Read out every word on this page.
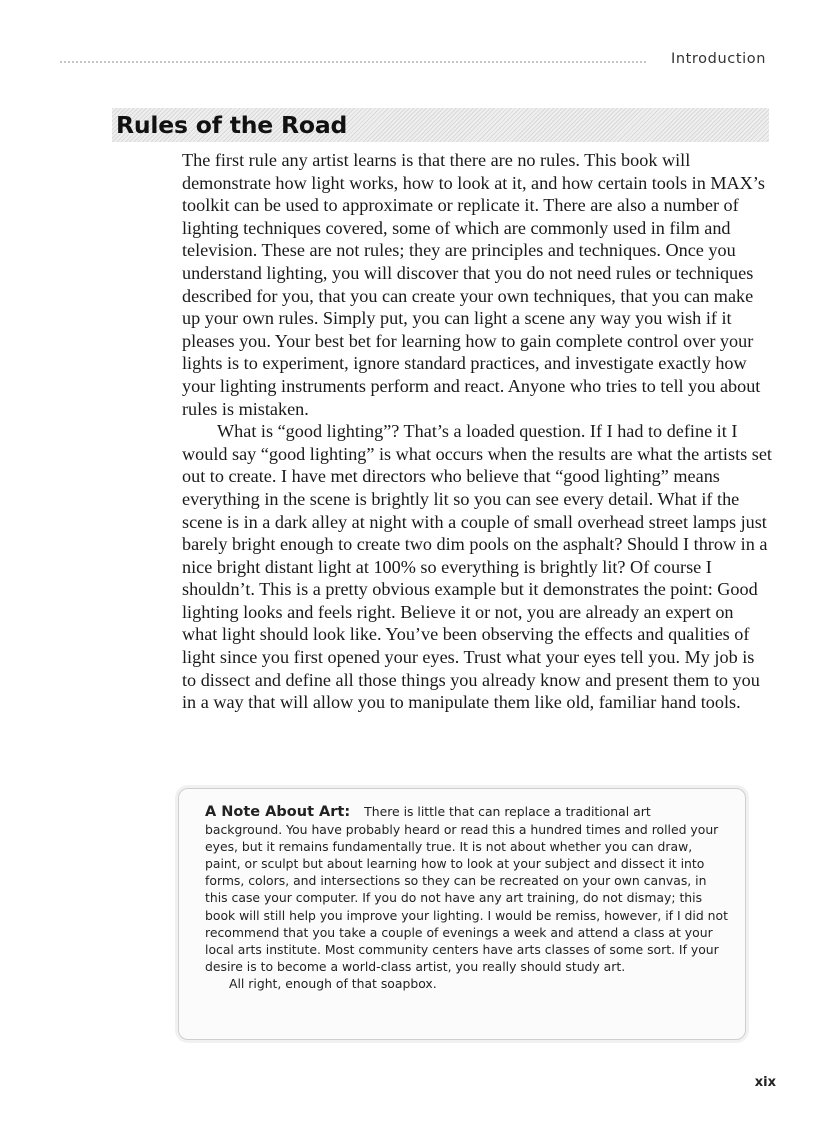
Introduction
Rules of the Road

The first rule any artist learns is that there are no rules. This book will demonstrate how light works, how to look at it, and how certain tools in MAX’s toolkit can be used to approximate or replicate it. There are also a number of lighting techniques covered, some of which are commonly used in film and television. These are not rules; they are principles and techniques. Once you understand lighting, you will discover that you do not need rules or techniques described for you, that you can create your own techniques, that you can make up your own rules. Simply put, you can light a scene any way you wish if it pleases you. Your best bet for learning how to gain complete control over your lights is to experiment, ignore standard practices, and investigate exactly how your lighting instruments perform and react. Anyone who tries to tell you about rules is mistaken.

What is “good lighting”? That’s a loaded question. If I had to define it I would say “good lighting” is what occurs when the results are what the artists set out to create. I have met directors who believe that “good lighting” means everything in the scene is brightly lit so you can see every detail. What if the scene is in a dark alley at night with a couple of small overhead street lamps just barely bright enough to create two dim pools on the asphalt? Should I throw in a nice bright distant light at 100% so everything is brightly lit? Of course I shouldn’t. This is a pretty obvious example but it demonstrates the point: Good lighting looks and feels right. Believe it or not, you are already an expert on what light should look like. You’ve been observing the effects and qualities of light since you first opened your eyes. Trust what your eyes tell you. My job is to dissect and define all those things you already know and present them to you in a way that will allow you to manipulate them like old, familiar hand tools.

A Note About Art: There is little that can replace a traditional art background. You have probably heard or read this a hundred times and rolled your eyes, but it remains fundamentally true. It is not about whether you can draw, paint, or sculpt but about learning how to look at your subject and dissect it into forms, colors, and intersections so they can be recreated on your own canvas, in this case your computer. If you do not have any art training, do not dismay; this book will still help you improve your lighting. I would be remiss, however, if I did not recommend that you take a couple of evenings a week and attend a class at your local arts institute. Most community centers have arts classes of some sort. If your desire is to become a world-class artist, you really should study art.

All right, enough of that soapbox.

xix
